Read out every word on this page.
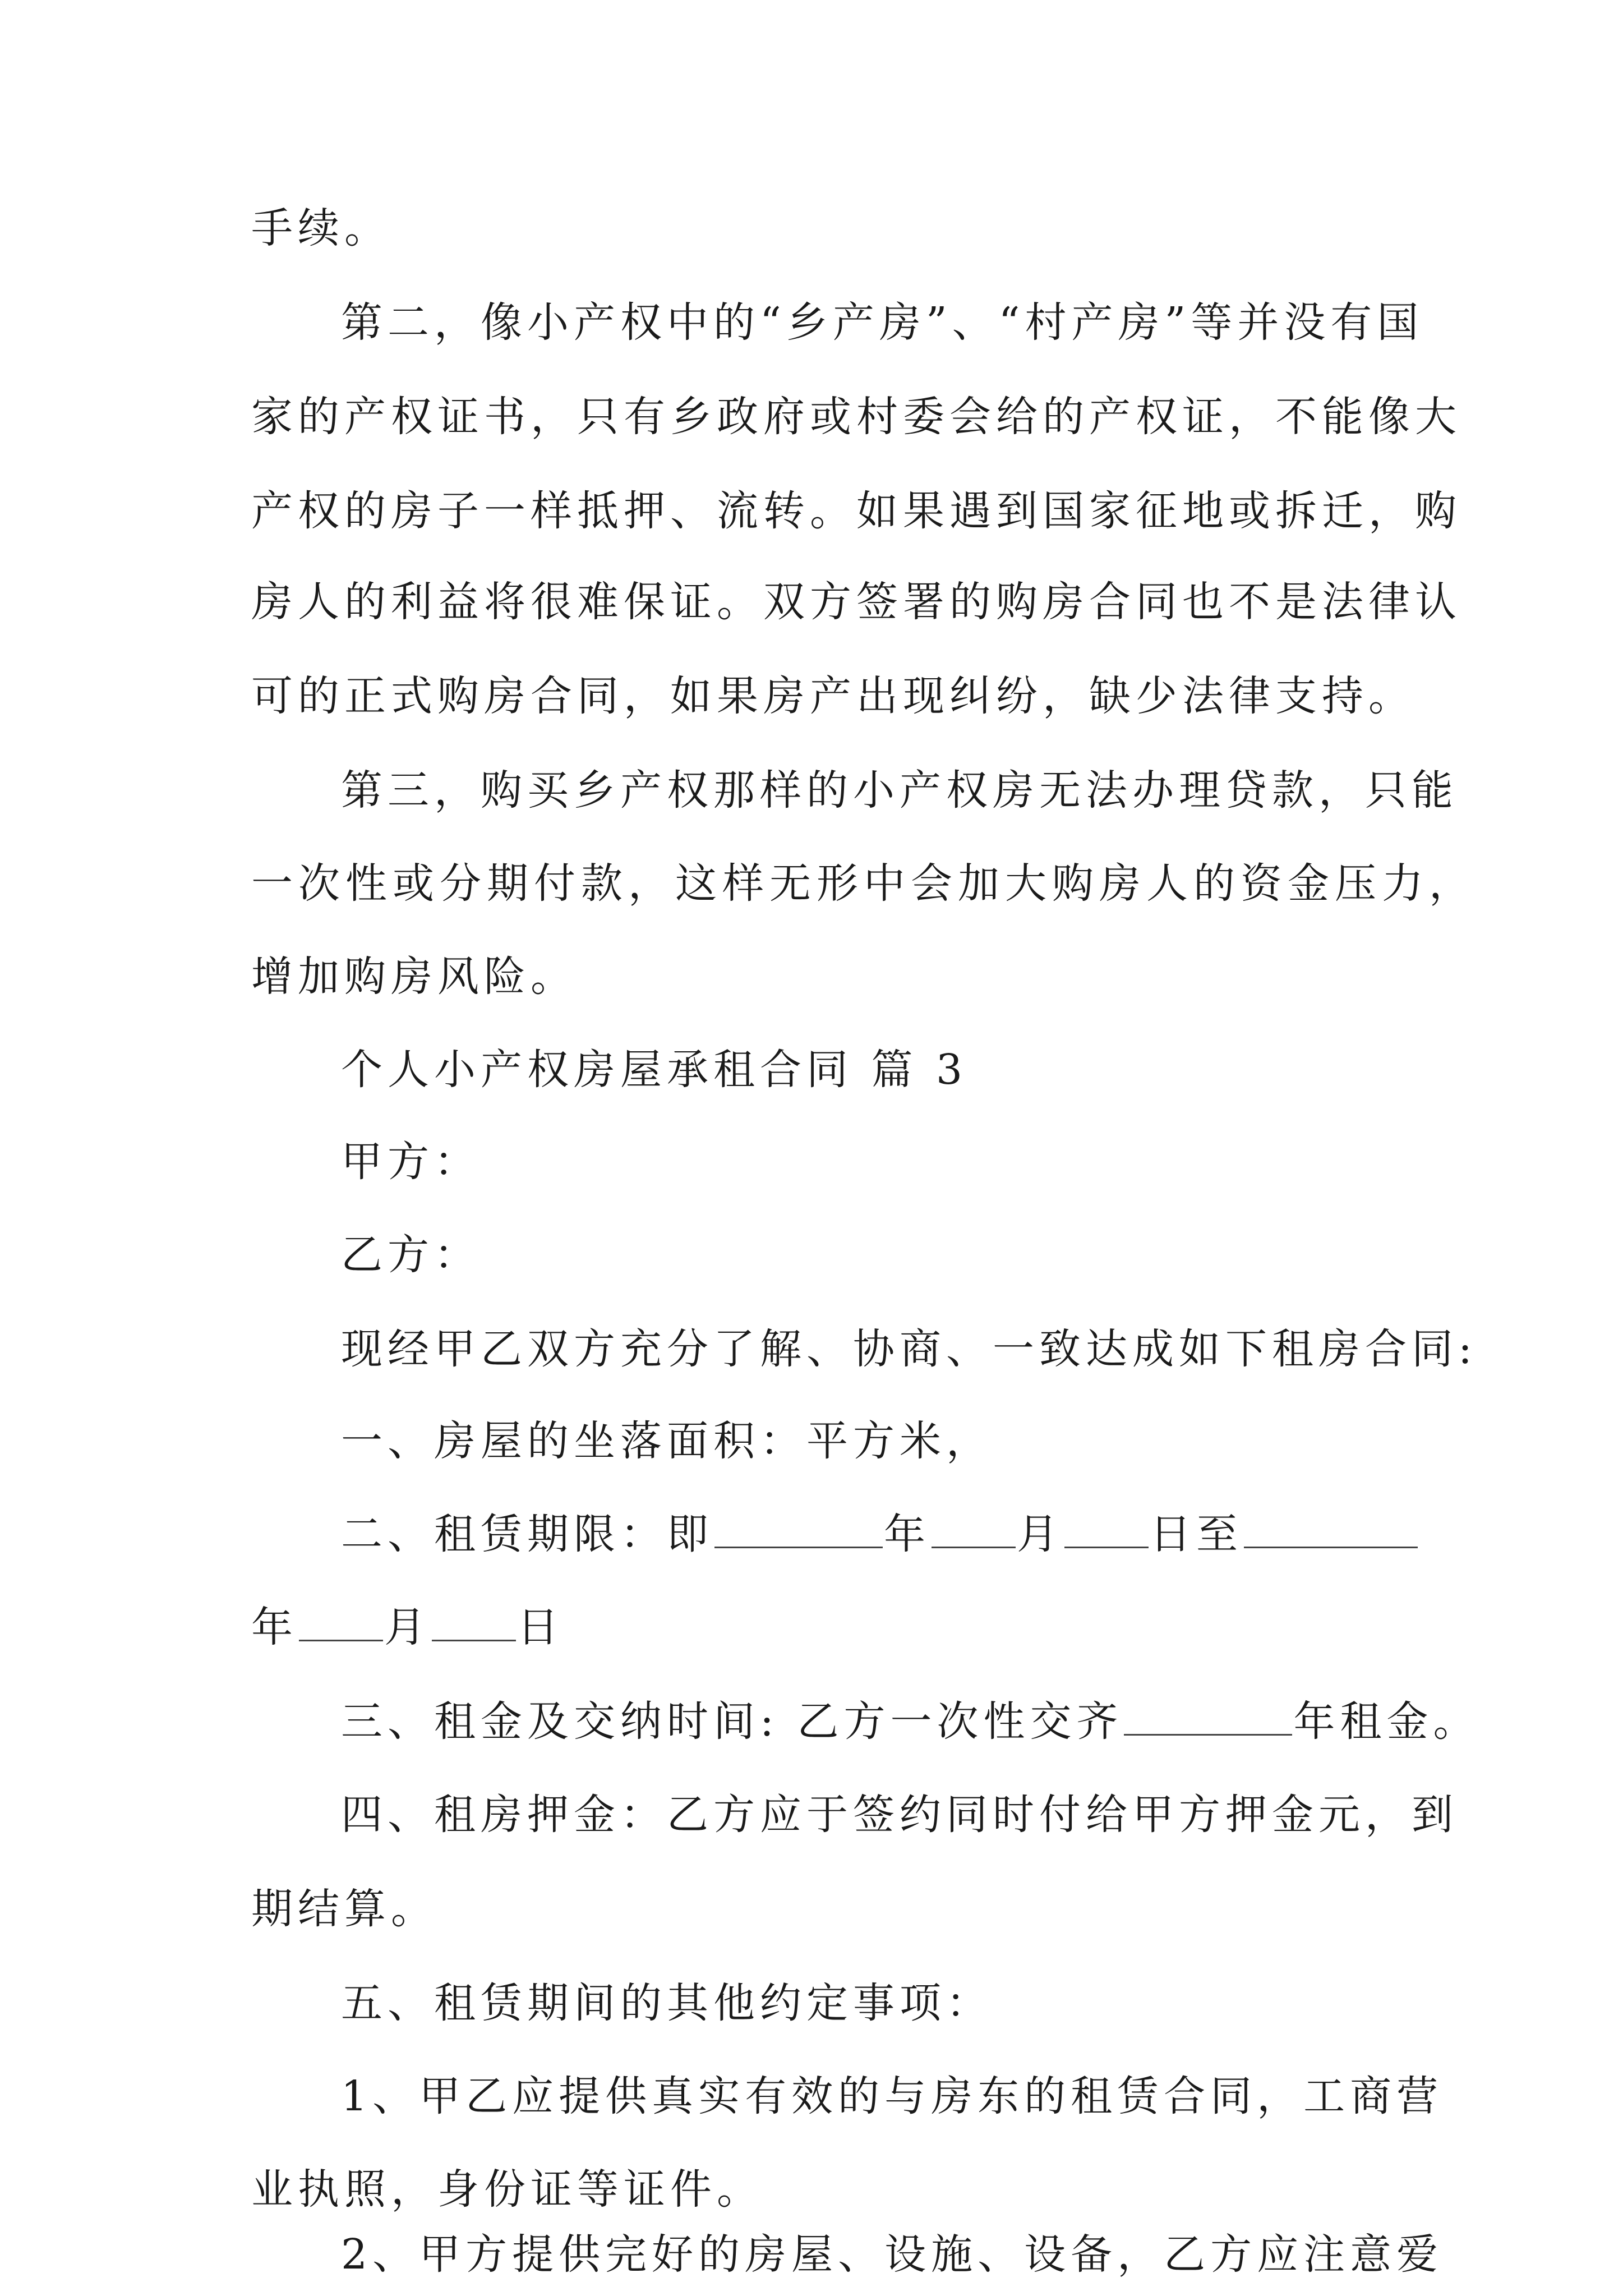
手续。
第二，像小产权中的“乡产房”、“村产房”等并没有国
家的产权证书，只有乡政府或村委会给的产权证，不能像大
产权的房子一样抵押、流转。如果遇到国家征地或拆迁，购
房人的利益将很难保证。双方签署的购房合同也不是法律认
可的正式购房合同，如果房产出现纠纷，缺少法律支持。
第三，购买乡产权那样的小产权房无法办理贷款，只能
一次性或分期付款，这样无形中会加大购房人的资金压力，
增加购房风险。
个人小产权房屋承租合同 篇 3
甲方：
乙方：
现经甲乙双方充分了解、协商、一致达成如下租房合同:
一、房屋的坐落面积：平方米，
二、租赁期限：即	年 月 日至
年 月 日
三、租金及交纳时间: 乙方一次性交齐	年租金。
四、租房押金：乙方应于签约同时付给甲方押金元，到
期结算。
五、租赁期间的其他约定事项：
1、甲乙应提供真实有效的与房东的租赁合同，工商营
业执照，身份证等证件。
2、甲方提供完好的房屋、设施、设备，乙方应注意爱
